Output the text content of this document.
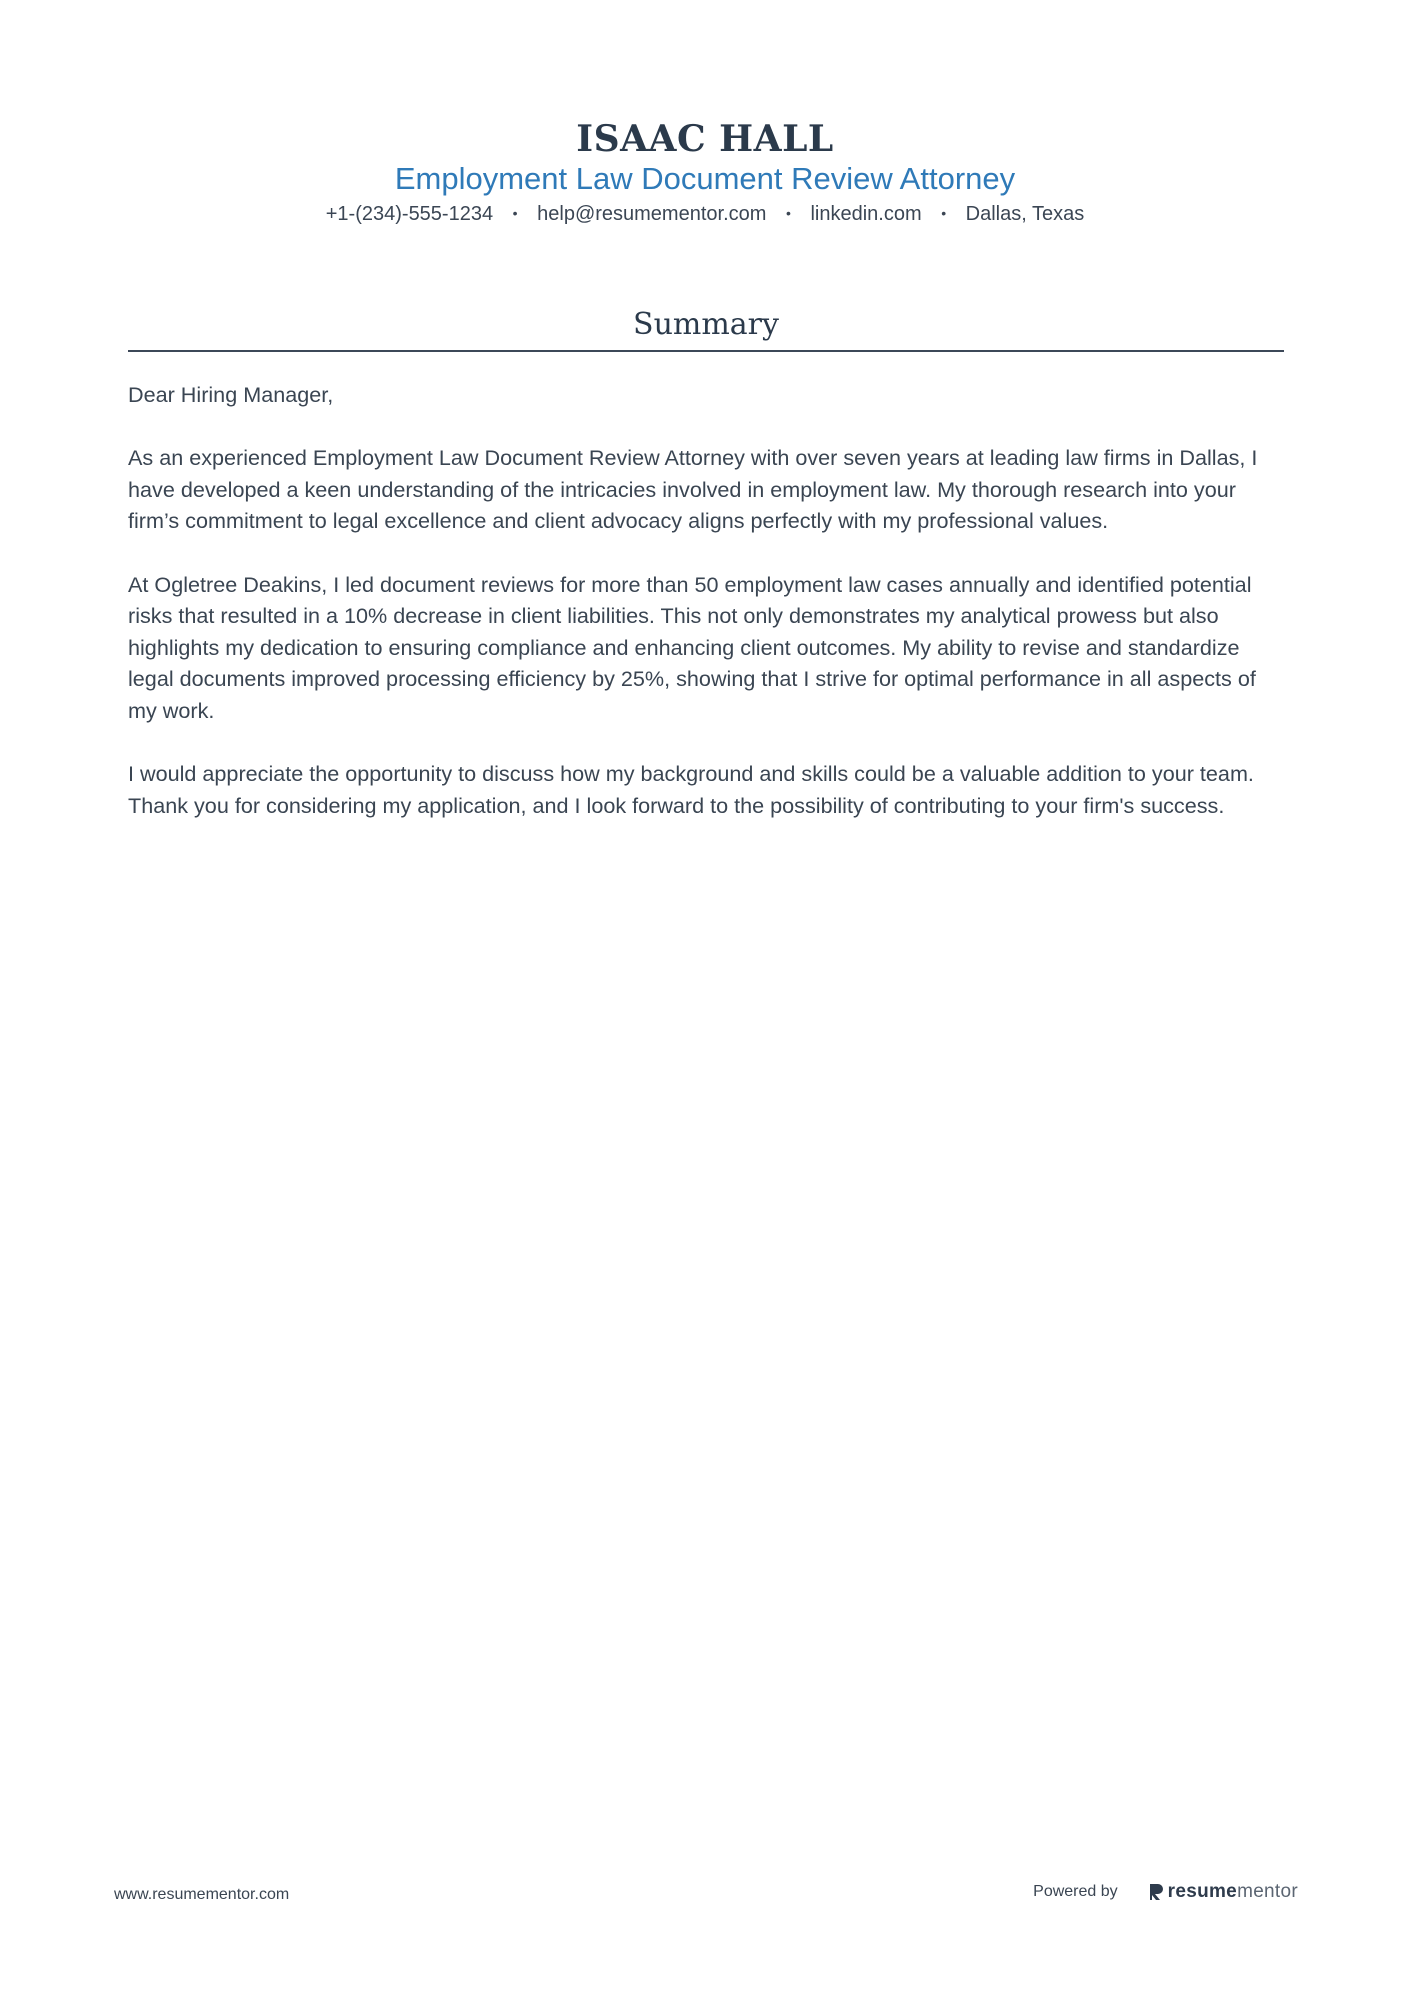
ISAAC HALL
Employment Law Document Review Attorney
+1-(234)-555-1234 • help@resumementor.com • linkedin.com • Dallas, Texas
Summary

Dear Hiring Manager,

As an experienced Employment Law Document Review Attorney with over seven years at leading law firms in Dallas, I have developed a keen understanding of the intricacies involved in employment law. My thorough research into your firm’s commitment to legal excellence and client advocacy aligns perfectly with my professional values.

At Ogletree Deakins, I led document reviews for more than 50 employment law cases annually and identified potential risks that resulted in a 10% decrease in client liabilities. This not only demonstrates my analytical prowess but also highlights my dedication to ensuring compliance and enhancing client outcomes. My ability to revise and standardize legal documents improved processing efficiency by 25%, showing that I strive for optimal performance in all aspects of my work.

I would appreciate the opportunity to discuss how my background and skills could be a valuable addition to your team. Thank you for considering my application, and I look forward to the possibility of contributing to your firm's success.

www.resumementor.com	Powered by	resume mentor
